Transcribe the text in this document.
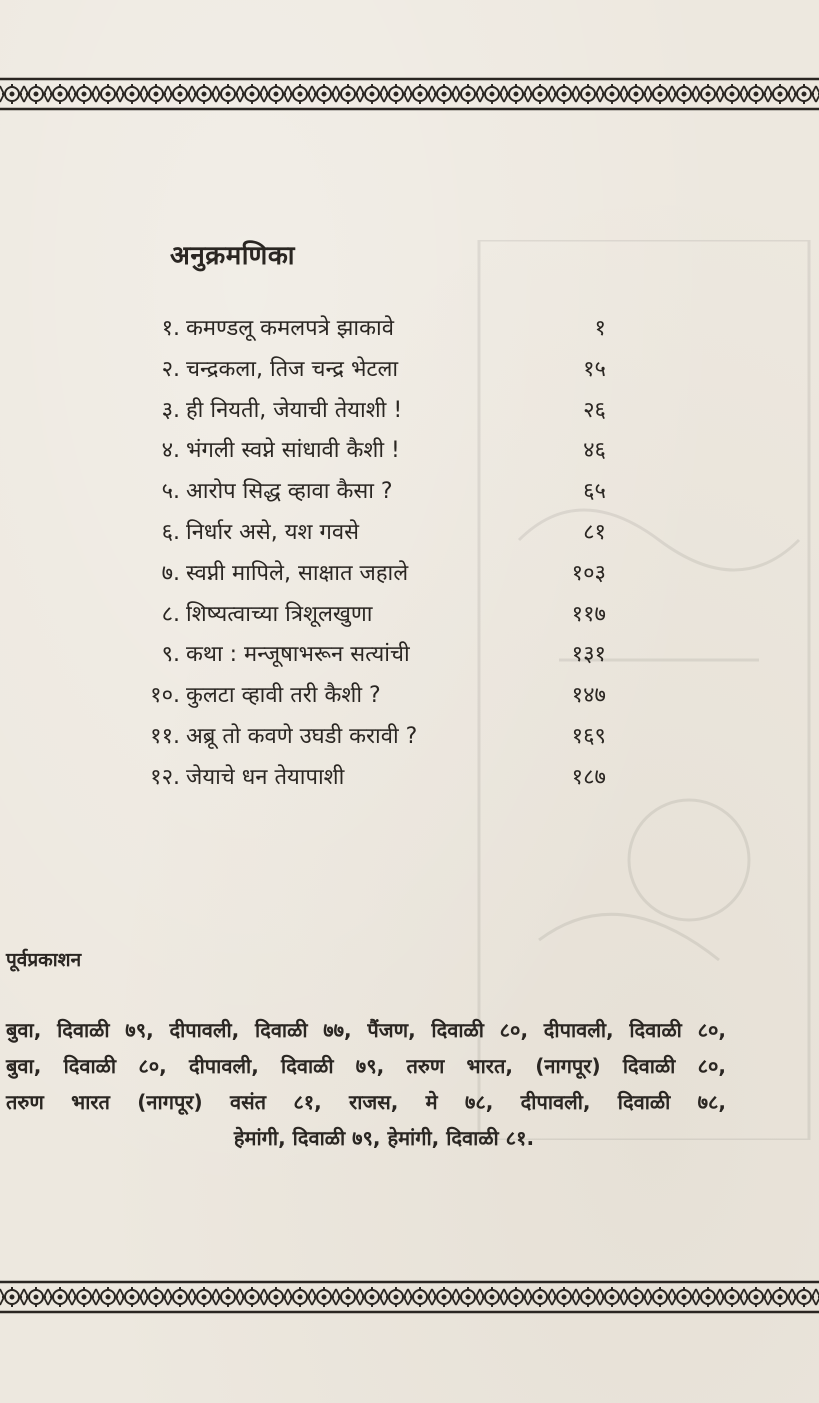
अनुक्रमणिका
१. कमण्डलू कमलपत्रे झाकावे	१
२. चन्द्रकला, तिज चन्द्र भेटला	१५
३. ही नियती, जेयाची तेयाशी !	२६
४. भंगली स्वप्ने सांधावी कैशी !	४६
५. आरोप सिद्ध व्हावा कैसा ?	६५
६. निर्धार असे, यश गवसे	८१
७. स्वप्नी मापिले, साक्षात जहाले	१०३
८. शिष्यत्वाच्या त्रिशूलखुणा	११७
९. कथा : मन्जूषाभरून सत्यांची	१३१
१०. कुलटा व्हावी तरी कैशी ?	१४७
११. अब्रू तो कवणे उघडी करावी ?	१६९
१२. जेयाचे धन तेयापाशी	१८७
पूर्वप्रकाशन
बुवा, दिवाळी ७९, दीपावली, दिवाळी ७७, पैंजण, दिवाळी ८०, दीपावली, दिवाळी ८०,
बुवा, दिवाळी ८०, दीपावली, दिवाळी ७९, तरुण भारत, (नागपूर) दिवाळी ८०,
तरुण भारत (नागपूर) वसंत ८१, राजस, मे ७८, दीपावली, दिवाळी ७८,
हेमांगी, दिवाळी ७९, हेमांगी, दिवाळी ८१.
